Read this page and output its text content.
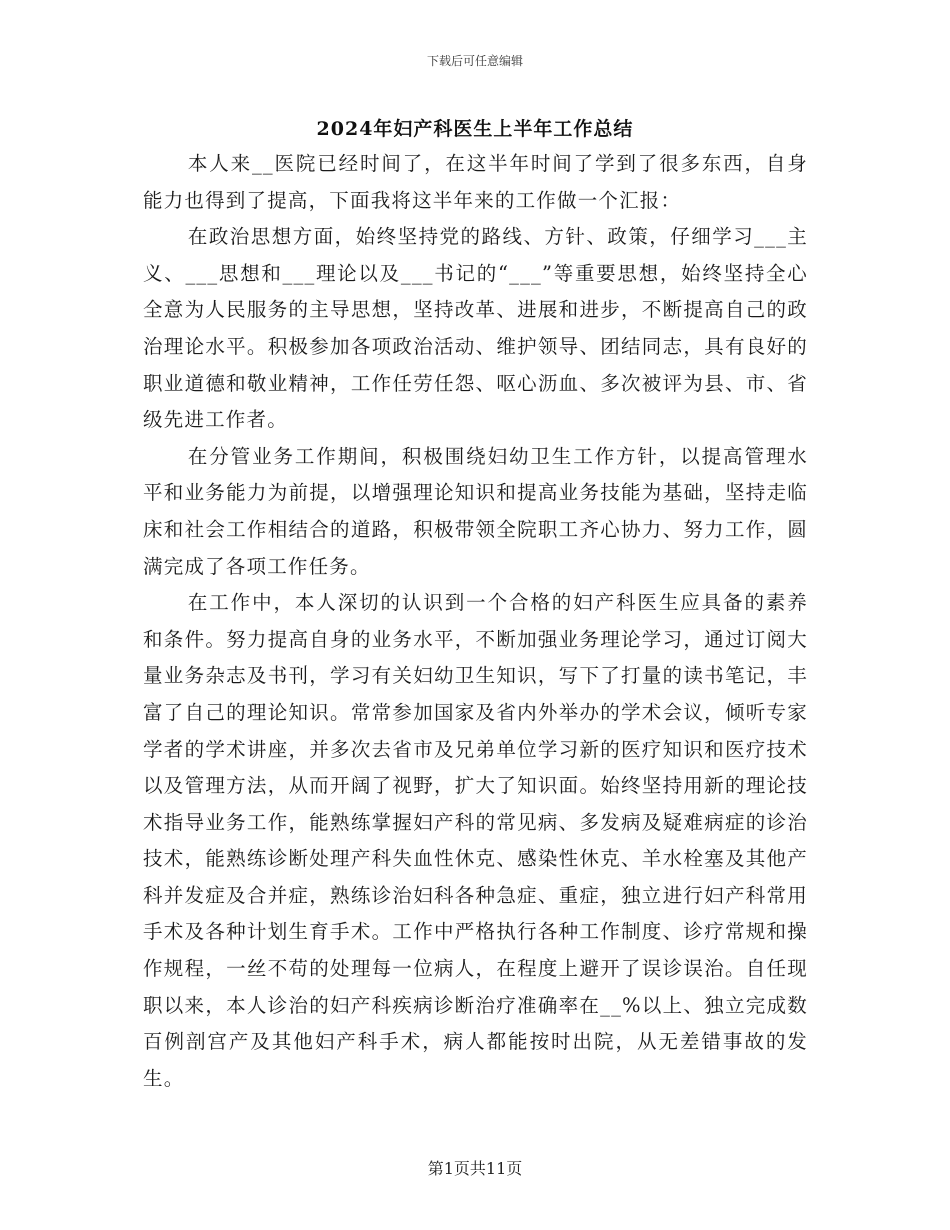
下载后可任意编辑
2024年妇产科医生上半年工作总结

本人来__医院已经时间了，在这半年时间了学到了很多东西，自身能力也得到了提高，下面我将这半年来的工作做一个汇报：

在政治思想方面，始终坚持党的路线、方针、政策，仔细学习___主义、___思想和___理论以及___书记的“___”等重要思想，始终坚持全心全意为人民服务的主导思想，坚持改革、进展和进步，不断提高自己的政治理论水平。积极参加各项政治活动、维护领导、团结同志，具有良好的职业道德和敬业精神，工作任劳任怨、呕心沥血、多次被评为县、市、省级先进工作者。

在分管业务工作期间，积极围绕妇幼卫生工作方针，以提高管理水平和业务能力为前提，以增强理论知识和提高业务技能为基础，坚持走临床和社会工作相结合的道路，积极带领全院职工齐心协力、努力工作，圆满完成了各项工作任务。

在工作中，本人深切的认识到一个合格的妇产科医生应具备的素养和条件。努力提高自身的业务水平，不断加强业务理论学习，通过订阅大量业务杂志及书刊，学习有关妇幼卫生知识，写下了打量的读书笔记，丰富了自己的理论知识。常常参加国家及省内外举办的学术会议，倾听专家学者的学术讲座，并多次去省市及兄弟单位学习新的医疗知识和医疗技术以及管理方法，从而开阔了视野，扩大了知识面。始终坚持用新的理论技术指导业务工作，能熟练掌握妇产科的常见病、多发病及疑难病症的诊治技术，能熟练诊断处理产科失血性休克、感染性休克、羊水栓塞及其他产科并发症及合并症，熟练诊治妇科各种急症、重症，独立进行妇产科常用手术及各种计划生育手术。工作中严格执行各种工作制度、诊疗常规和操作规程，一丝不苟的处理每一位病人，在程度上避开了误诊误治。自任现职以来，本人诊治的妇产科疾病诊断治疗准确率在__%以上、独立完成数百例剖宫产及其他妇产科手术，病人都能按时出院，从无差错事故的发生。

第1页共11页
